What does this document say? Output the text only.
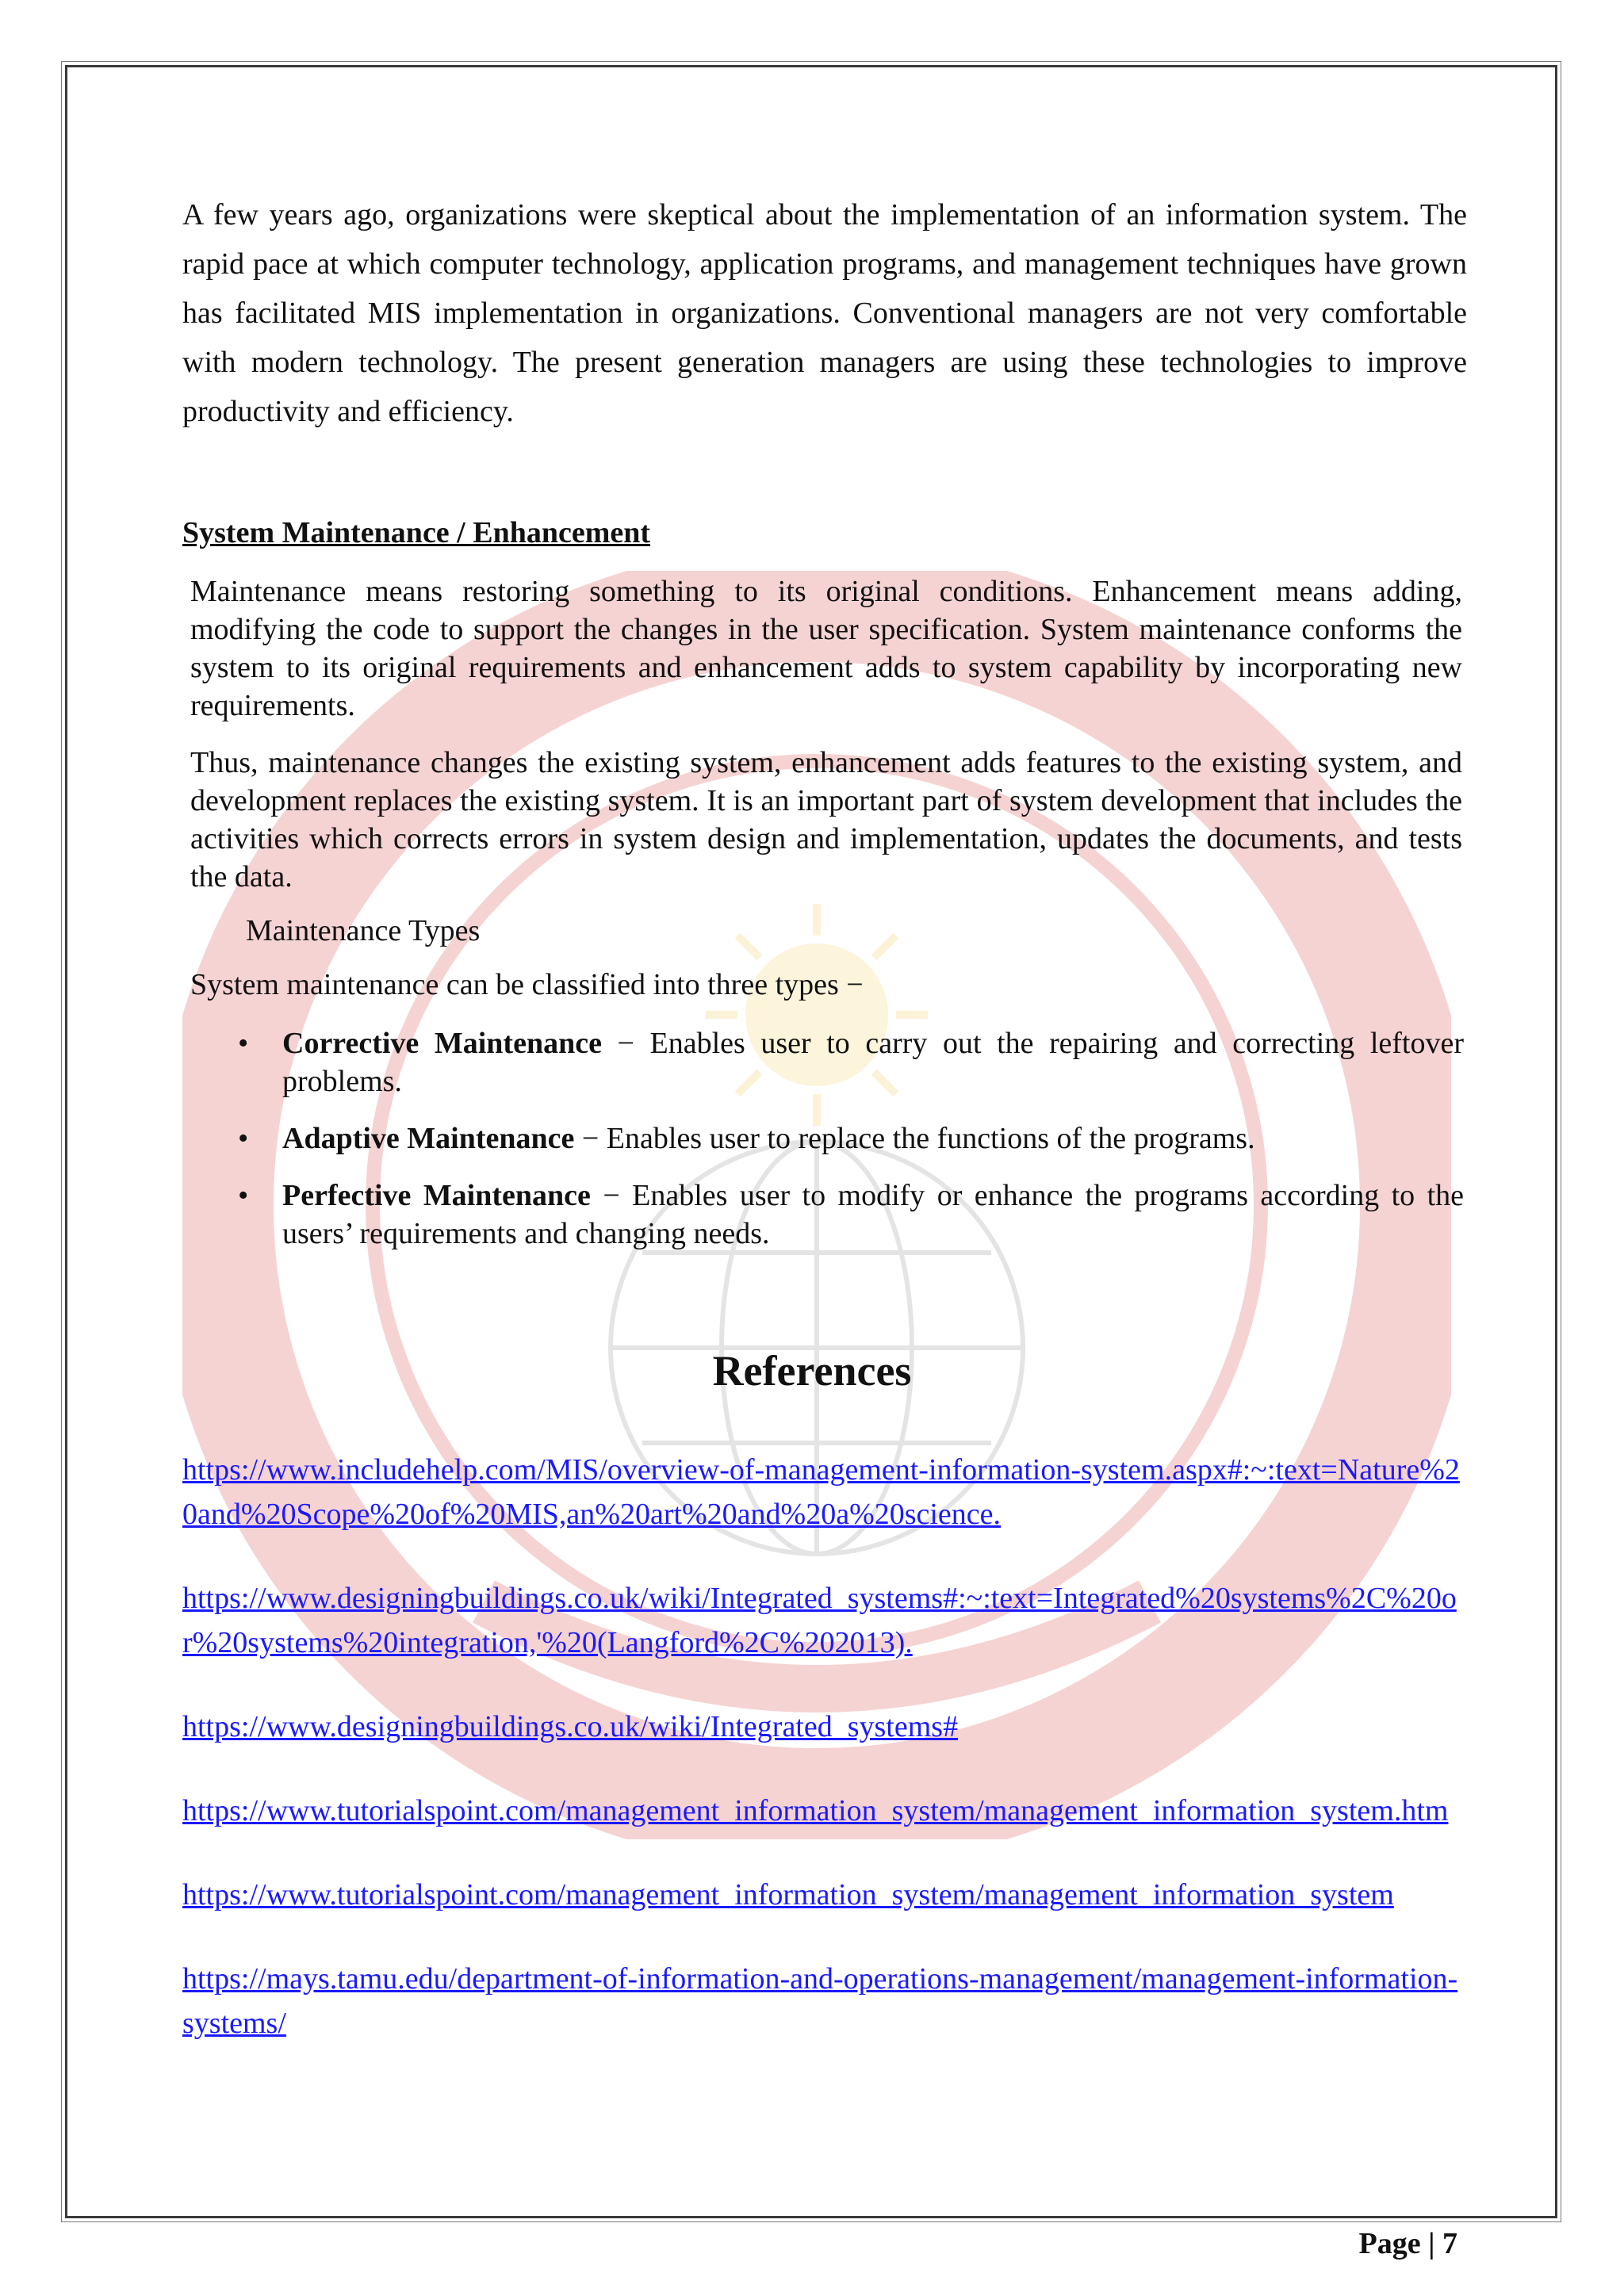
A few years ago, organizations were skeptical about the implementation of an information system. The rapid pace at which computer technology, application programs, and management techniques have grown has facilitated MIS implementation in organizations. Conventional managers are not very comfortable with modern technology. The present generation managers are using these technologies to improve productivity and efficiency.
System Maintenance / Enhancement

Maintenance means restoring something to its original conditions. Enhancement means adding, modifying the code to support the changes in the user specification. System maintenance conforms the system to its original requirements and enhancement adds to system capability by incorporating new requirements.

Thus, maintenance changes the existing system, enhancement adds features to the existing system, and development replaces the existing system. It is an important part of system development that includes the activities which corrects errors in system design and implementation, updates the documents, and tests the data.

Maintenance Types
System maintenance can be classified into three types −
• Corrective Maintenance − Enables user to carry out the repairing and correcting leftover problems.
• Adaptive Maintenance − Enables user to replace the functions of the programs.
• Perfective Maintenance − Enables user to modify or enhance the programs according to the users’ requirements and changing needs.
References
https://www.includehelp.com/MIS/overview-of-management-information-system.aspx#:~:text=Nature%20and%20Scope%20of%20MIS,an%20art%20and%20a%20science.
https://www.designingbuildings.co.uk/wiki/Integrated_systems#:~:text=Integrated%20systems%2C%20or%20systems%20integration,'%20(Langford%2C%202013).
https://www.designingbuildings.co.uk/wiki/Integrated_systems#
https://www.tutorialspoint.com/management_information_system/management_information_system.htm
https://www.tutorialspoint.com/management_information_system/management_information_system
https://mays.tamu.edu/department-of-information-and-operations-management/management-information-systems/
Page | 7
